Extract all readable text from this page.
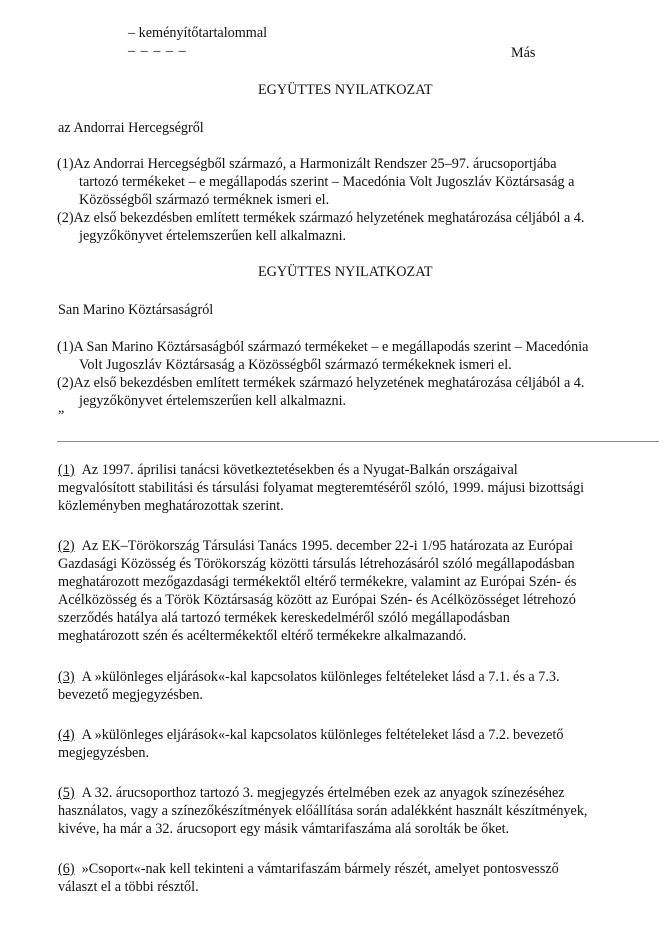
– keményítőtartalommal
– – – – –	Más
EGYÜTTES NYILATKOZAT
az Andorrai Hercegségről
(1)Az Andorrai Hercegségből származó, a Harmonizált Rendszer 25–97. árucsoportjába
tartozó termékeket – e megállapodás szerint – Macedónia Volt Jugoszláv Köztársaság a
Közösségből származó terméknek ismeri el.
(2)Az első bekezdésben említett termékek származó helyzetének meghatározása céljából a 4.
jegyzőkönyvet értelemszerűen kell alkalmazni.
EGYÜTTES NYILATKOZAT
San Marino Köztársaságról
(1)A San Marino Köztársaságból származó termékeket – e megállapodás szerint – Macedónia
Volt Jugoszláv Köztársaság a Közösségből származó termékeknek ismeri el.
(2)Az első bekezdésben említett termékek származó helyzetének meghatározása céljából a 4.
jegyzőkönyvet értelemszerűen kell alkalmazni.
”
(1) Az 1997. áprilisi tanácsi következtetésekben és a Nyugat-Balkán országaival
megvalósított stabilitási és társulási folyamat megteremtéséről szóló, 1999. májusi bizottsági
közleményben meghatározottak szerint.
(2) Az EK–Törökország Társulási Tanács 1995. december 22-i 1/95 határozata az Európai
Gazdasági Közösség és Törökország közötti társulás létrehozásáról szóló megállapodásban
meghatározott mezőgazdasági termékektől eltérő termékekre, valamint az Európai Szén- és
Acélközösség és a Török Köztársaság között az Európai Szén- és Acélközösséget létrehozó
szerződés hatálya alá tartozó termékek kereskedelméről szóló megállapodásban
meghatározott szén és acéltermékektől eltérő termékekre alkalmazandó.
(3) A »különleges eljárások«-kal kapcsolatos különleges feltételeket lásd a 7.1. és a 7.3.
bevezető megjegyzésben.
(4) A »különleges eljárások«-kal kapcsolatos különleges feltételeket lásd a 7.2. bevezető
megjegyzésben.
(5) A 32. árucsoporthoz tartozó 3. megjegyzés értelmében ezek az anyagok színezéséhez
használatos, vagy a színezőkészítmények előállítása során adalékként használt készítmények,
kivéve, ha már a 32. árucsoport egy másik vámtarifaszáma alá sorolták be őket.
(6) »Csoport«-nak kell tekinteni a vámtarifaszám bármely részét, amelyet pontosvessző
választ el a többi résztől.
